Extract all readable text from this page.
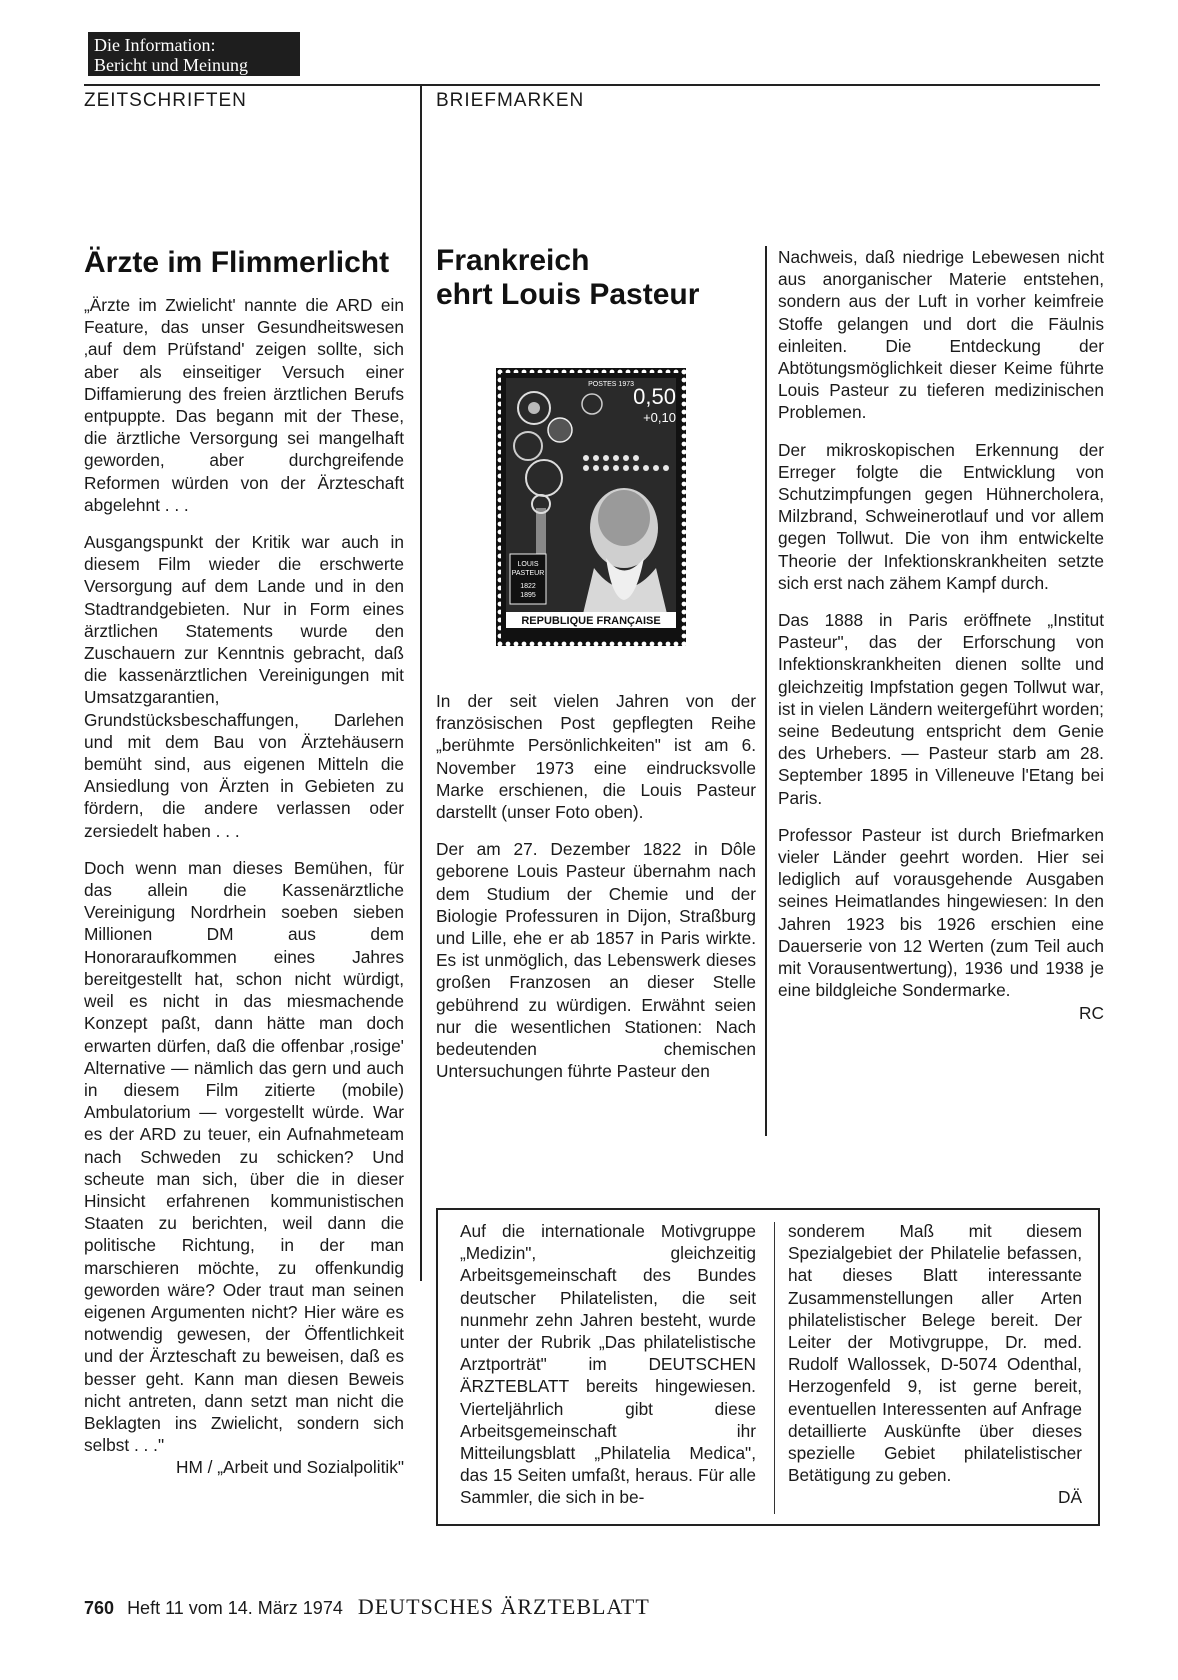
Die Information:
Bericht und Meinung
ZEITSCHRIFTEN	BRIEFMARKEN
Ärzte im Flimmerlicht

„Ärzte im Zwielicht' nannte die ARD ein Feature, das unser Gesundheitswesen ‚auf dem Prüfstand' zeigen sollte, sich aber als einseitiger Versuch einer Diffamierung des freien ärztlichen Berufs entpuppte. Das begann mit der These, die ärztliche Versorgung sei mangelhaft geworden, aber durchgreifende Reformen würden von der Ärzteschaft abgelehnt . . .

Ausgangspunkt der Kritik war auch in diesem Film wieder die erschwerte Versorgung auf dem Lande und in den Stadtrandgebieten. Nur in Form eines ärztlichen Statements wurde den Zuschauern zur Kenntnis gebracht, daß die kassenärztlichen Vereinigungen mit Umsatzgarantien, Grundstücksbeschaffungen, Darlehen und mit dem Bau von Ärztehäusern bemüht sind, aus eigenen Mitteln die Ansiedlung von Ärzten in Gebieten zu fördern, die andere verlassen oder zersiedelt haben . . .

Doch wenn man dieses Bemühen, für das allein die Kassenärztliche Vereinigung Nordrhein soeben sieben Millionen DM aus dem Honoraraufkommen eines Jahres bereitgestellt hat, schon nicht würdigt, weil es nicht in das miesmachende Konzept paßt, dann hätte man doch erwarten dürfen, daß die offenbar ‚rosige' Alternative — nämlich das gern und auch in diesem Film zitierte (mobile) Ambulatorium — vorgestellt würde. War es der ARD zu teuer, ein Aufnahmeteam nach Schweden zu schicken? Und scheute man sich, über die in dieser Hinsicht erfahrenen kommunistischen Staaten zu berichten, weil dann die politische Richtung, in der man marschieren möchte, zu offenkundig geworden wäre? Oder traut man seinen eigenen Argumenten nicht? Hier wäre es notwendig gewesen, der Öffentlichkeit und der Ärzteschaft zu beweisen, daß es besser geht. Kann man diesen Beweis nicht antreten, dann setzt man nicht die Beklagten ins Zwielicht, sondern sich selbst . . ."

HM / „Arbeit und Sozialpolitik"
Frankreich
ehrt Louis Pasteur
POSTES 1973 0,50
+0,10
LOUIS
PASTEUR
1822
1895
REPUBLIQUE FRANÇAISE

In der seit vielen Jahren von der französischen Post gepflegten Reihe „berühmte Persönlichkeiten" ist am 6. November 1973 eine eindrucksvolle Marke erschienen, die Louis Pasteur darstellt (unser Foto oben).

Der am 27. Dezember 1822 in Dôle geborene Louis Pasteur übernahm nach dem Studium der Chemie und der Biologie Professuren in Dijon, Straßburg und Lille, ehe er ab 1857 in Paris wirkte. Es ist unmöglich, das Lebenswerk dieses großen Franzosen an dieser Stelle gebührend zu würdigen. Erwähnt seien nur die wesentlichen Stationen: Nach bedeutenden chemischen Untersuchungen führte Pasteur den

Nachweis, daß niedrige Lebewesen nicht aus anorganischer Materie entstehen, sondern aus der Luft in vorher keimfreie Stoffe gelangen und dort die Fäulnis einleiten. Die Entdeckung der Abtötungsmöglichkeit dieser Keime führte Louis Pasteur zu tieferen medizinischen Problemen.

Der mikroskopischen Erkennung der Erreger folgte die Entwicklung von Schutzimpfungen gegen Hühnercholera, Milzbrand, Schweinerotlauf und vor allem gegen Tollwut. Die von ihm entwickelte Theorie der Infektionskrankheiten setzte sich erst nach zähem Kampf durch.

Das 1888 in Paris eröffnete „Institut Pasteur", das der Erforschung von Infektionskrankheiten dienen sollte und gleichzeitig Impfstation gegen Tollwut war, ist in vielen Ländern weitergeführt worden; seine Bedeutung entspricht dem Genie des Urhebers. — Pasteur starb am 28. September 1895 in Villeneuve l'Etang bei Paris.

Professor Pasteur ist durch Briefmarken vieler Länder geehrt worden. Hier sei lediglich auf vorausgehende Ausgaben seines Heimatlandes hingewiesen: In den Jahren 1923 bis 1926 erschien eine Dauerserie von 12 Werten (zum Teil auch mit Vorausentwertung), 1936 und 1938 je eine bildgleiche Sondermarke.

RC

Auf die internationale Motivgruppe „Medizin", gleichzeitig Arbeitsgemeinschaft des Bundes deutscher Philatelisten, die seit nunmehr zehn Jahren besteht, wurde unter der Rubrik „Das philatelistische Arztporträt" im DEUTSCHEN ÄRZTEBLATT bereits hingewiesen. Vierteljährlich gibt diese Arbeitsgemeinschaft ihr Mitteilungsblatt „Philatelia Medica", das 15 Seiten umfaßt, heraus. Für alle Sammler, die sich in be-

sonderem Maß mit diesem Spezialgebiet der Philatelie befassen, hat dieses Blatt interessante Zusammenstellungen aller Arten philatelistischer Belege bereit. Der Leiter der Motivgruppe, Dr. med. Rudolf Wallossek, D-5074 Odenthal, Herzogenfeld 9, ist gerne bereit, eventuellen Interessenten auf Anfrage detaillierte Auskünfte über dieses spezielle Gebiet philatelistischer Betätigung zu geben.

DÄ
760 Heft 11 vom 14. März 1974 DEUTSCHES ÄRZTEBLATT
